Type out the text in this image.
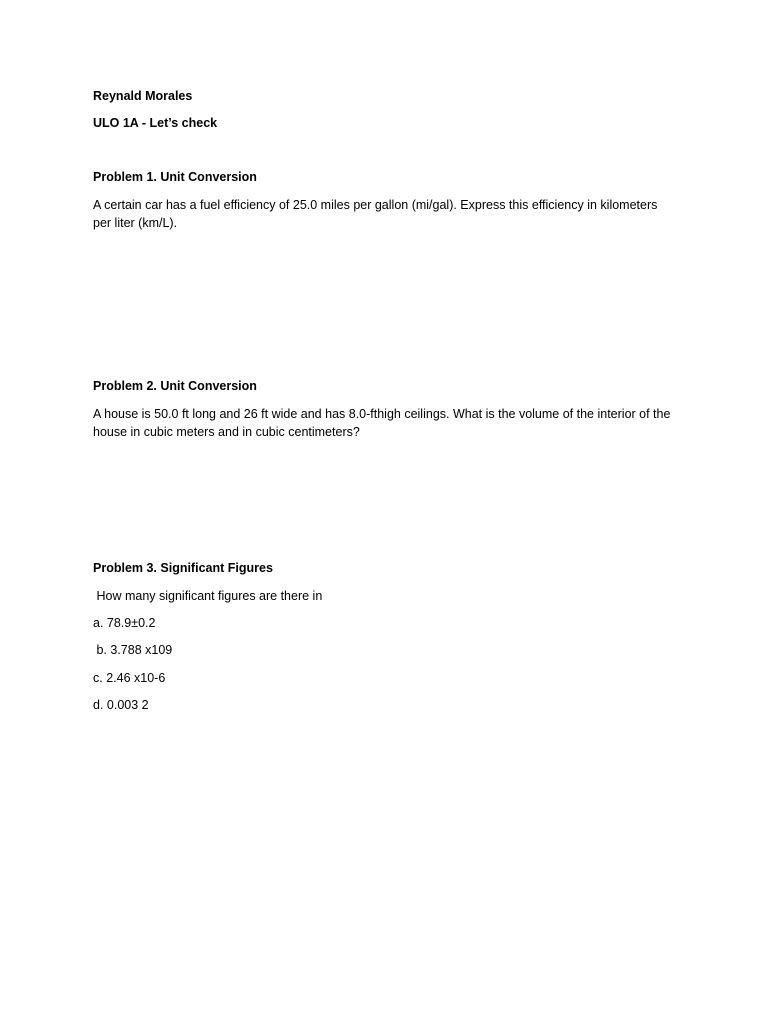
Reynald Morales
ULO 1A - Let’s check
Problem 1. Unit Conversion
A certain car has a fuel efficiency of 25.0 miles per gallon (mi/gal). Express this efficiency in kilometers per liter (km/L).
Problem 2. Unit Conversion
A house is 50.0 ft long and 26 ft wide and has 8.0-fthigh ceilings. What is the volume of the interior of the house in cubic meters and in cubic centimeters?
Problem 3. Significant Figures
How many significant figures are there in
a. 78.9±0.2
b. 3.788 x109
c. 2.46 x10-6
d. 0.003 2
